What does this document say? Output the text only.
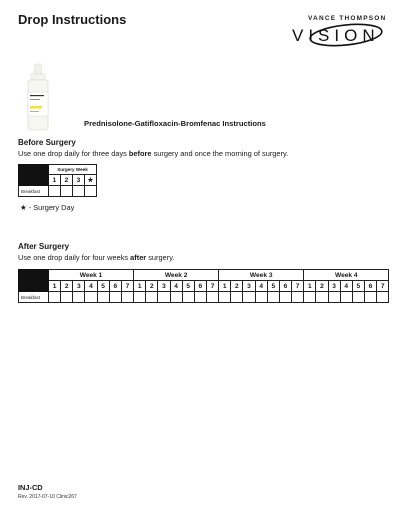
Drop Instructions	VANCE THOMPSON
VISION
Prednisolone-Gatifloxacin-Bromfenac Instructions
Before Surgery
Use one drop daily for three days before surgery and once the morning of surgery.
	Surgery Week			
	1	2	3	★
Breakfast				
★ - Surgery Day
After Surgery
Use one drop daily for four weeks after surgery.
	Week 1							Week 2							Week 3							Week 4						
	1	2	3	4	5	6	7	1	2	3	4	5	6	7	1	2	3	4	5	6	7	1	2	3	4	5	6	7
Breakfast																												
INJ-CD
Rev. 2017-07-10 Clinic267
